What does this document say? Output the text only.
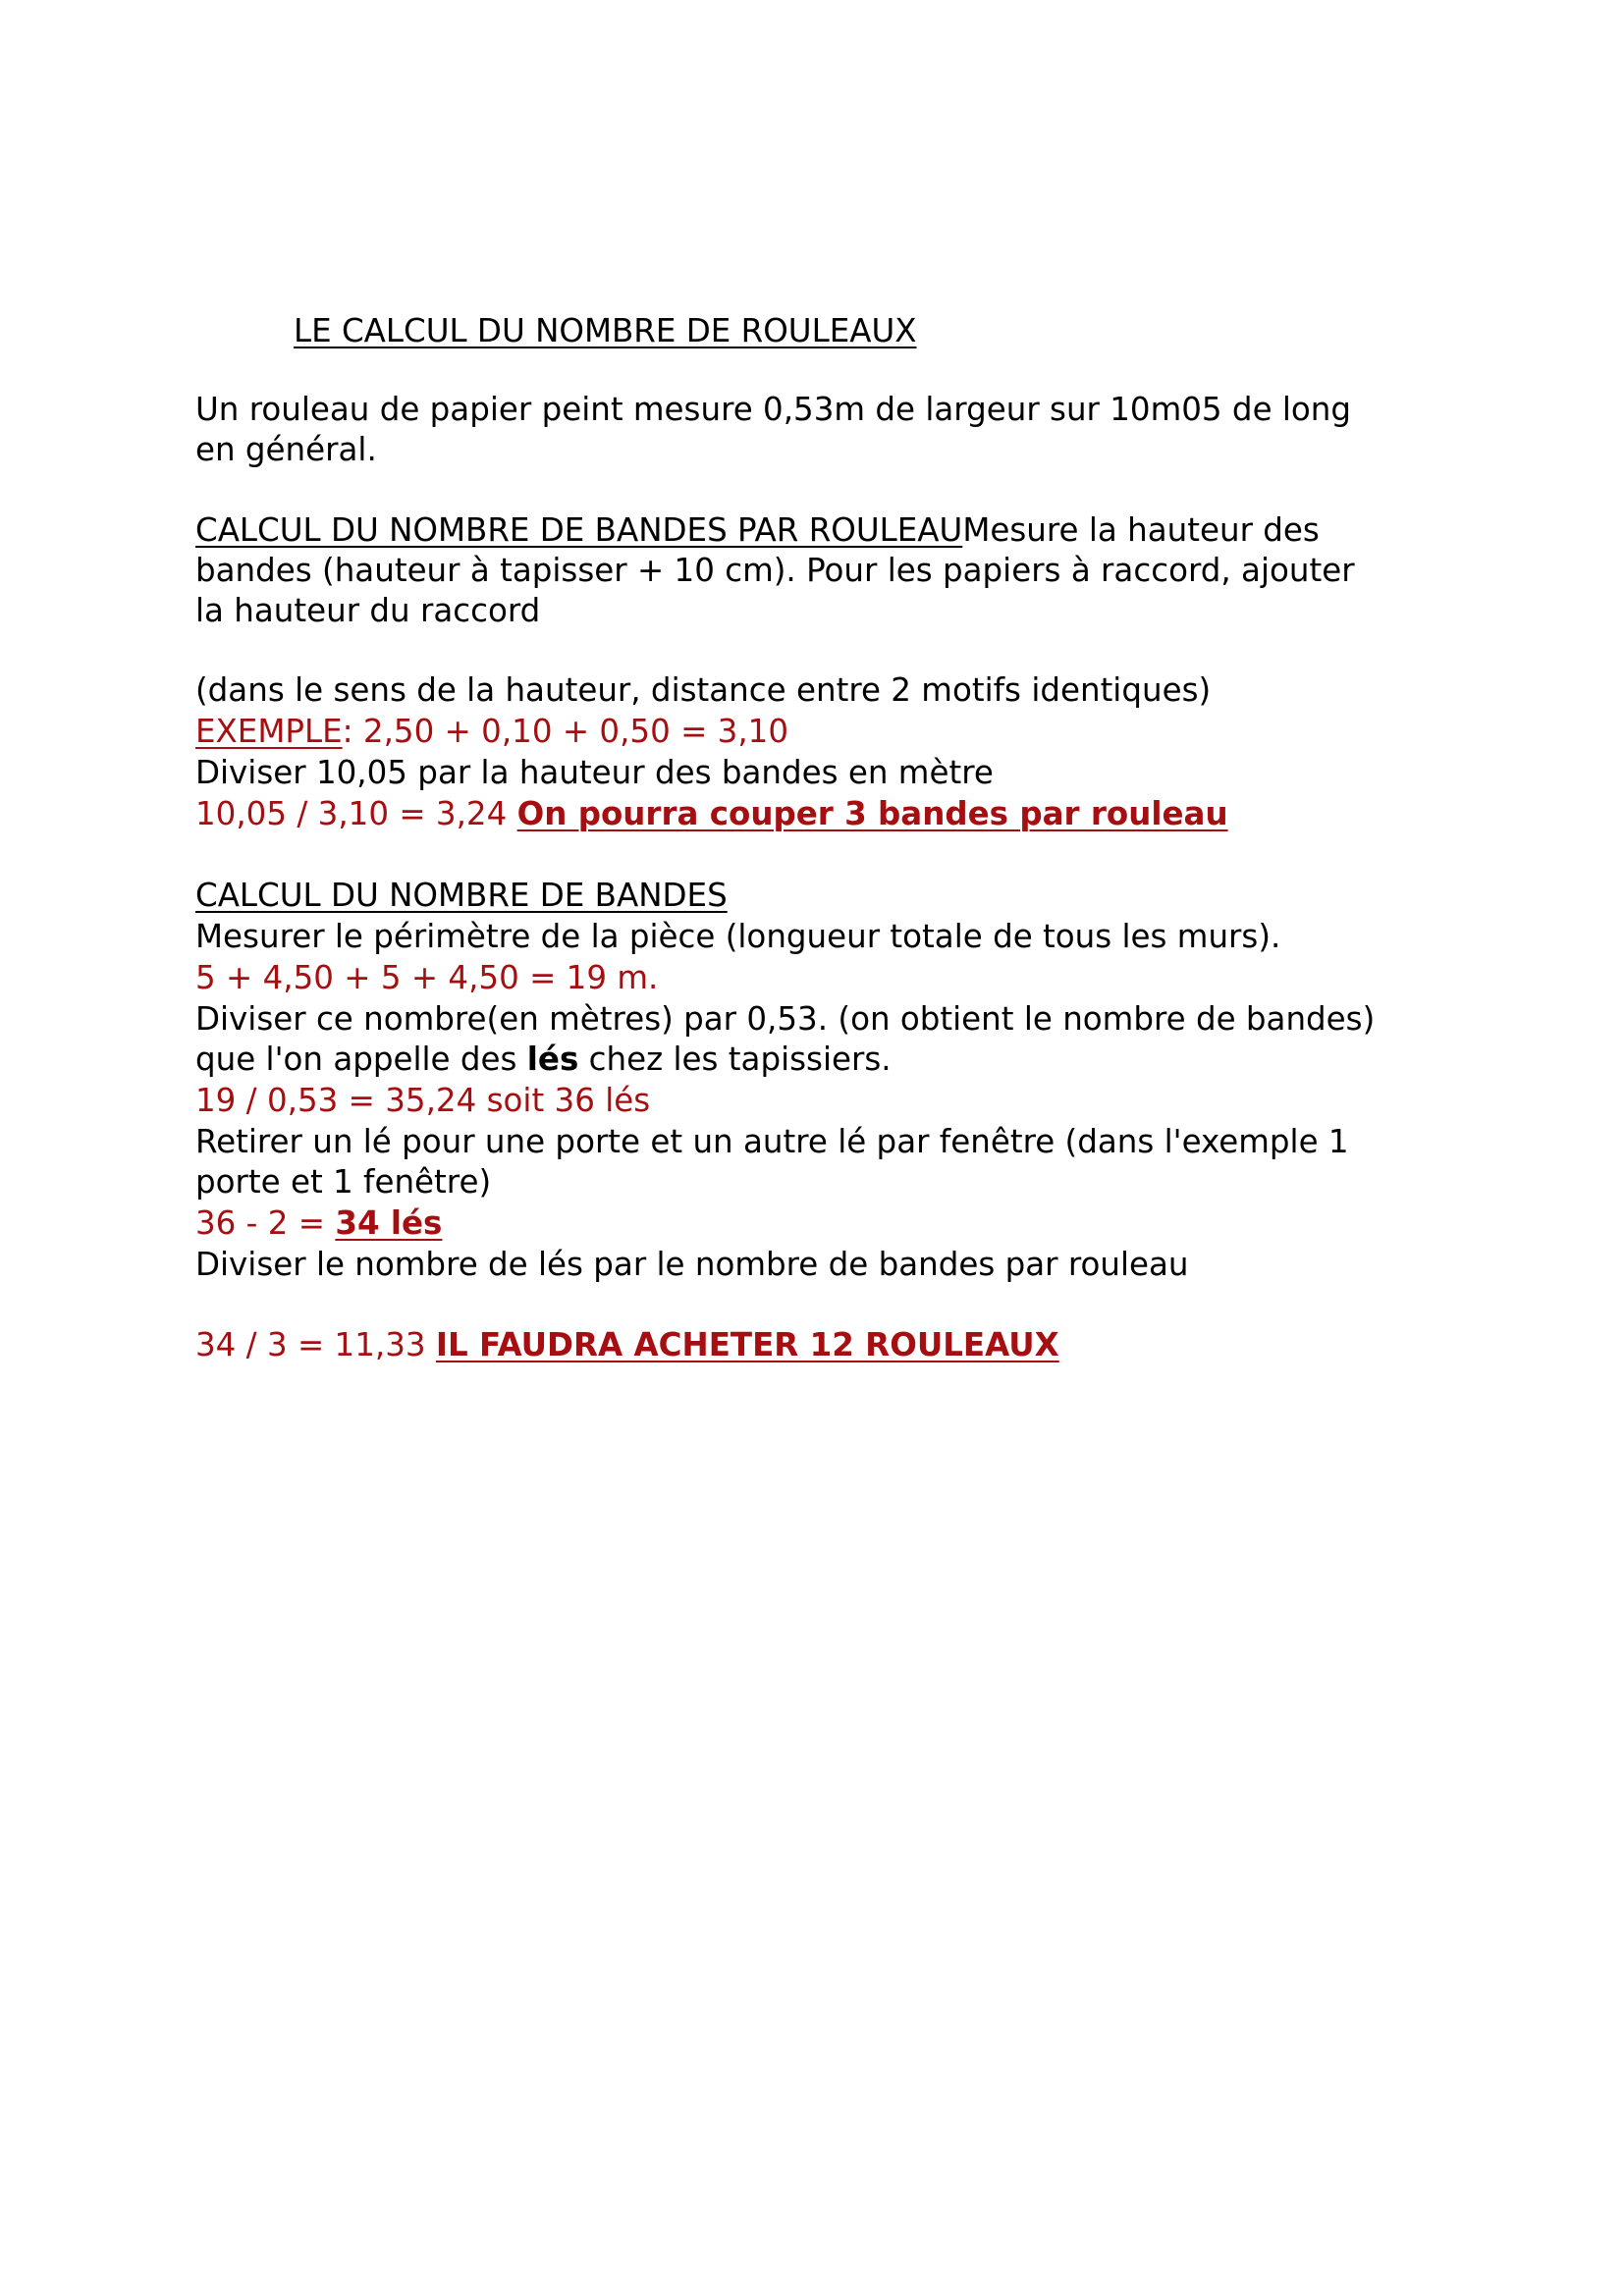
LE CALCUL DU NOMBRE DE ROULEAUX
Un rouleau de papier peint mesure 0,53m de largeur sur 10m05 de long
en général.
CALCUL DU NOMBRE DE BANDES PAR ROULEAUMesure la hauteur des
bandes (hauteur à tapisser + 10 cm). Pour les papiers à raccord, ajouter
la hauteur du raccord
(dans le sens de la hauteur, distance entre 2 motifs identiques)
EXEMPLE: 2,50 + 0,10 + 0,50 = 3,10
Diviser 10,05 par la hauteur des bandes en mètre
10,05 / 3,10 = 3,24 On pourra couper 3 bandes par rouleau
CALCUL DU NOMBRE DE BANDES
Mesurer le périmètre de la pièce (longueur totale de tous les murs).
5 + 4,50 + 5 + 4,50 = 19 m.
Diviser ce nombre(en mètres) par 0,53. (on obtient le nombre de bandes)
que l'on appelle des lés chez les tapissiers.
19 / 0,53 = 35,24 soit 36 lés
Retirer un lé pour une porte et un autre lé par fenêtre (dans l'exemple 1
porte et 1 fenêtre)
36 - 2 = 34 lés
Diviser le nombre de lés par le nombre de bandes par rouleau
34 / 3 = 11,33 IL FAUDRA ACHETER 12 ROULEAUX
